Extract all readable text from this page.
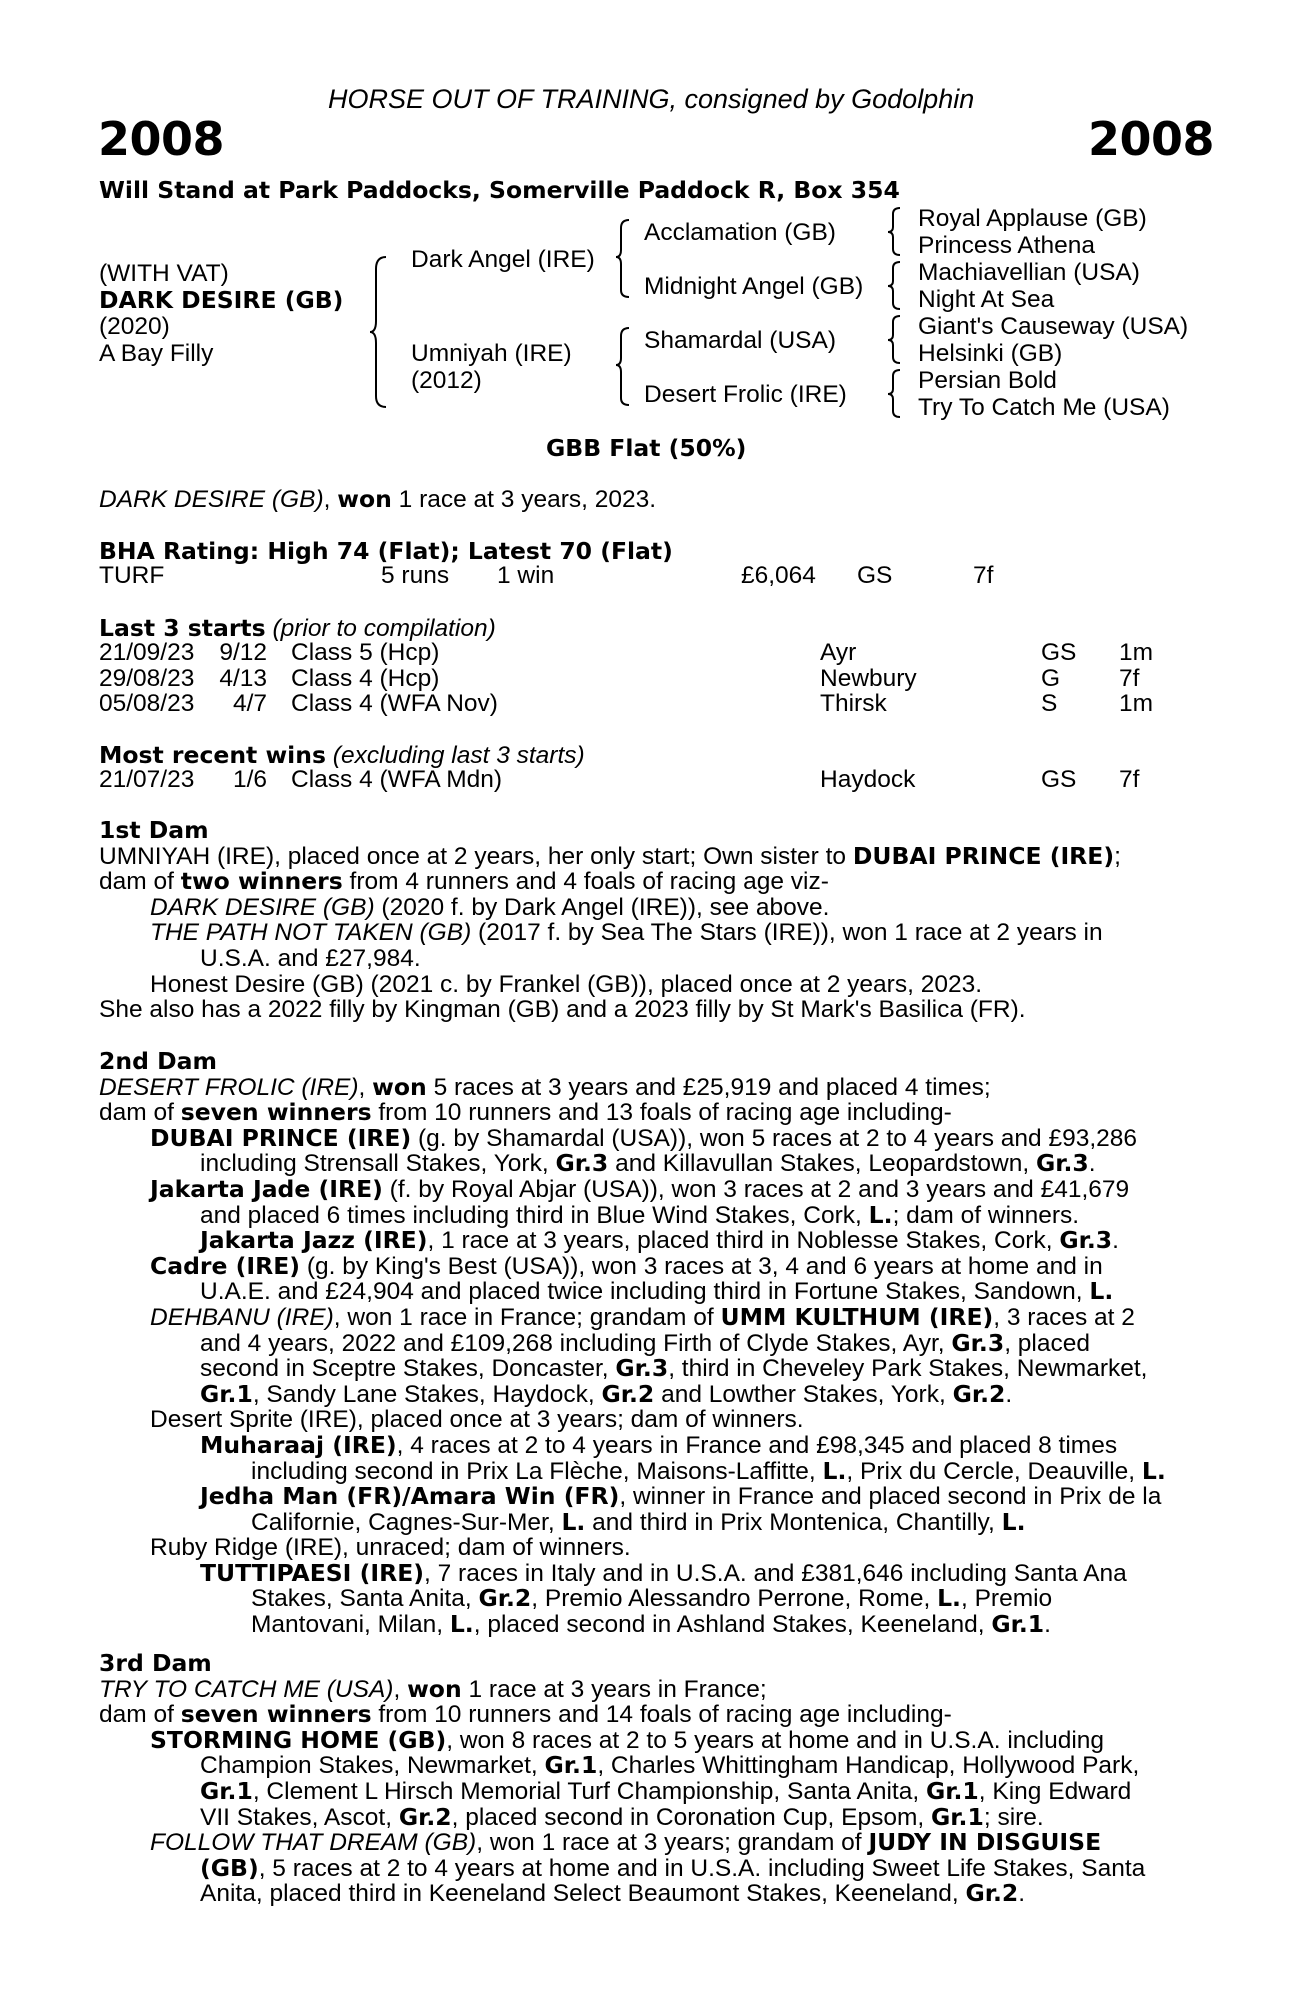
HORSE OUT OF TRAINING, consigned by Godolphin
2008	2008
Will Stand at Park Paddocks, Somerville Paddock R, Box 354
(WITH VAT)
DARK DESIRE (GB)
(2020)
A Bay Filly
Dark Angel (IRE)
Umniyah (IRE)
(2012)
Acclamation (GB)
Midnight Angel (GB)
Shamardal (USA)
Desert Frolic (IRE)
Royal Applause (GB)
Princess Athena
Machiavellian (USA)
Night At Sea
Giant's Causeway (USA)
Helsinki (GB)
Persian Bold
Try To Catch Me (USA)
GBB Flat (50%)
DARK DESIRE (GB), won 1 race at 3 years, 2023.
BHA Rating: High 74 (Flat); Latest 70 (Flat)
TURF	5 runs 1 win	£6,064 GS	7f
Last 3 starts (prior to compilation)
21/09/23	9/12 Class 5 (Hcp)	Ayr	GS 1m
29/08/23	4/13 Class 4 (Hcp)	Newbury	G 7f
05/08/23	4/7 Class 4 (WFA Nov)	Thirsk	S	1m
Most recent wins (excluding last 3 starts)
21/07/23	1/6 Class 4 (WFA Mdn)	Haydock	GS 7f
1st Dam
UMNIYAH (IRE), placed once at 2 years, her only start; Own sister to DUBAI PRINCE (IRE);
dam of two winners from 4 runners and 4 foals of racing age viz-
DARK DESIRE (GB) (2020 f. by Dark Angel (IRE)), see above.
THE PATH NOT TAKEN (GB) (2017 f. by Sea The Stars (IRE)), won 1 race at 2 years in
U.S.A. and £27,984.
Honest Desire (GB) (2021 c. by Frankel (GB)), placed once at 2 years, 2023.
She also has a 2022 filly by Kingman (GB) and a 2023 filly by St Mark's Basilica (FR).
2nd Dam
DESERT FROLIC (IRE), won 5 races at 3 years and £25,919 and placed 4 times;
dam of seven winners from 10 runners and 13 foals of racing age including-
DUBAI PRINCE (IRE) (g. by Shamardal (USA)), won 5 races at 2 to 4 years and £93,286
including Strensall Stakes, York, Gr.3 and Killavullan Stakes, Leopardstown, Gr.3.
Jakarta Jade (IRE) (f. by Royal Abjar (USA)), won 3 races at 2 and 3 years and £41,679
and placed 6 times including third in Blue Wind Stakes, Cork, L.; dam of winners.
Jakarta Jazz (IRE), 1 race at 3 years, placed third in Noblesse Stakes, Cork, Gr.3.
Cadre (IRE) (g. by King's Best (USA)), won 3 races at 3, 4 and 6 years at home and in
U.A.E. and £24,904 and placed twice including third in Fortune Stakes, Sandown, L.
DEHBANU (IRE), won 1 race in France; grandam of UMM KULTHUM (IRE), 3 races at 2
and 4 years, 2022 and £109,268 including Firth of Clyde Stakes, Ayr, Gr.3, placed
second in Sceptre Stakes, Doncaster, Gr.3, third in Cheveley Park Stakes, Newmarket,
Gr.1, Sandy Lane Stakes, Haydock, Gr.2 and Lowther Stakes, York, Gr.2.
Desert Sprite (IRE), placed once at 3 years; dam of winners.
Muharaaj (IRE), 4 races at 2 to 4 years in France and £98,345 and placed 8 times
including second in Prix La Flèche, Maisons-Laffitte, L., Prix du Cercle, Deauville, L.
Jedha Man (FR)/Amara Win (FR), winner in France and placed second in Prix de la
Californie, Cagnes-Sur-Mer, L. and third in Prix Montenica, Chantilly, L.
Ruby Ridge (IRE), unraced; dam of winners.
TUTTIPAESI (IRE), 7 races in Italy and in U.S.A. and £381,646 including Santa Ana
Stakes, Santa Anita, Gr.2, Premio Alessandro Perrone, Rome, L., Premio
Mantovani, Milan, L., placed second in Ashland Stakes, Keeneland, Gr.1.
3rd Dam
TRY TO CATCH ME (USA), won 1 race at 3 years in France;
dam of seven winners from 10 runners and 14 foals of racing age including-
STORMING HOME (GB), won 8 races at 2 to 5 years at home and in U.S.A. including
Champion Stakes, Newmarket, Gr.1, Charles Whittingham Handicap, Hollywood Park,
Gr.1, Clement L Hirsch Memorial Turf Championship, Santa Anita, Gr.1, King Edward
VII Stakes, Ascot, Gr.2, placed second in Coronation Cup, Epsom, Gr.1; sire.
FOLLOW THAT DREAM (GB), won 1 race at 3 years; grandam of JUDY IN DISGUISE
(GB), 5 races at 2 to 4 years at home and in U.S.A. including Sweet Life Stakes, Santa
Anita, placed third in Keeneland Select Beaumont Stakes, Keeneland, Gr.2.
